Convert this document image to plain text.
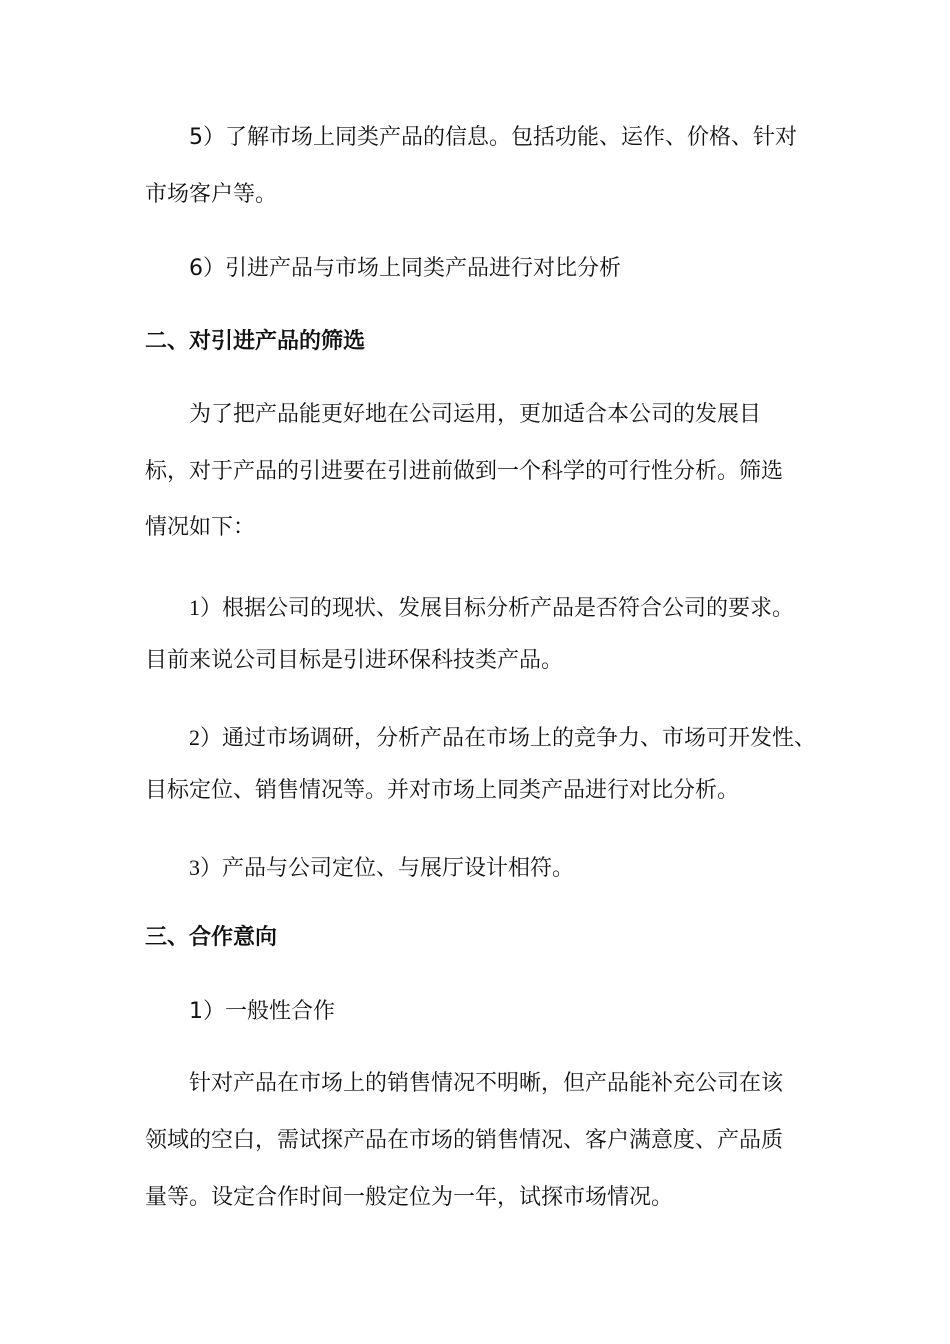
5）了解市场上同类产品的信息。包括功能、运作、价格、针对
市场客户等。
6）引进产品与市场上同类产品进行对比分析
二、对引进产品的筛选
为了把产品能更好地在公司运用，更加适合本公司的发展目
标，对于产品的引进要在引进前做到一个科学的可行性分析。筛选
情况如下：
1）根据公司的现状、发展目标分析产品是否符合公司的要求。
目前来说公司目标是引进环保科技类产品。
2）通过市场调研，分析产品在市场上的竞争力、市场可开发性、
目标定位、销售情况等。并对市场上同类产品进行对比分析。
3）产品与公司定位、与展厅设计相符。
三、合作意向
1）一般性合作
针对产品在市场上的销售情况不明晰，但产品能补充公司在该
领域的空白，需试探产品在市场的销售情况、客户满意度、产品质
量等。设定合作时间一般定位为一年，试探市场情况。
